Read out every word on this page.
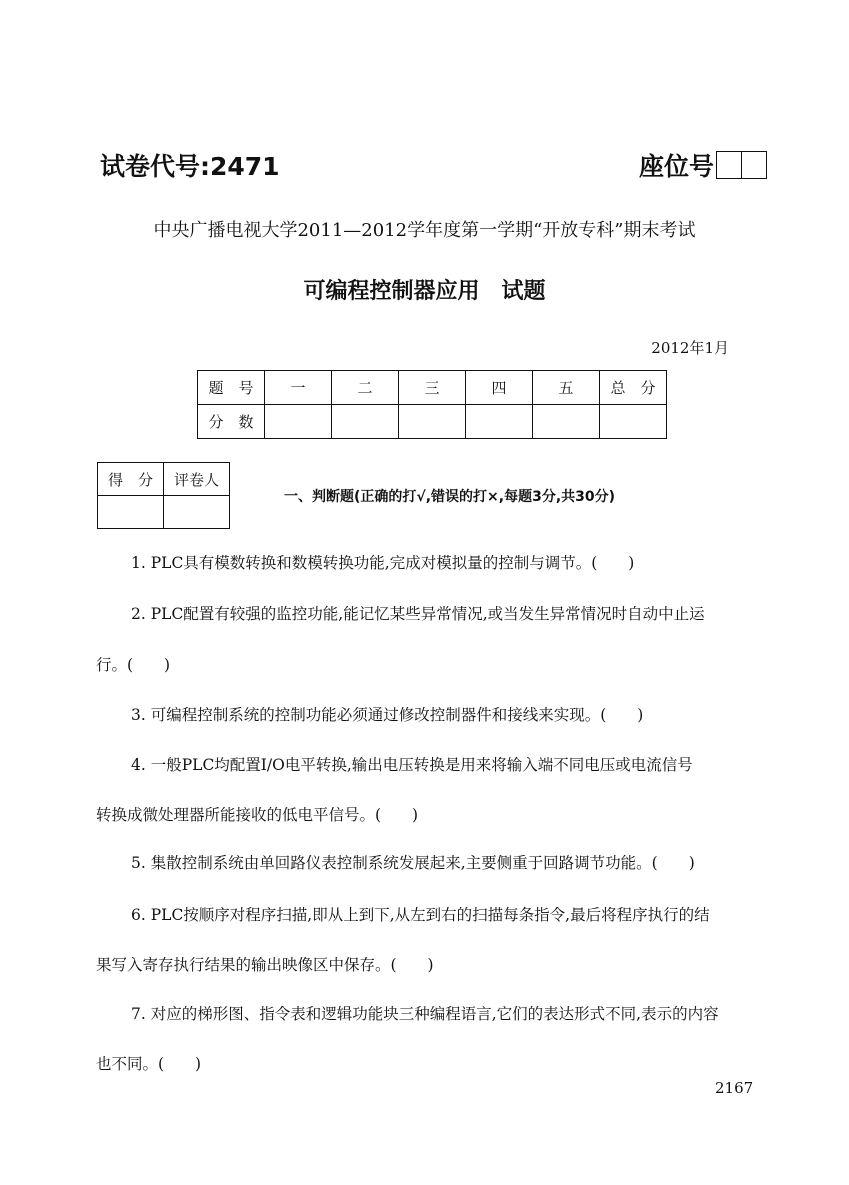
试卷代号:2471	座位号
中央广播电视大学2011—2012学年度第一学期“开放专科”期末考试
可编程控制器应用　试题
2012年1月
题　号	一	二	三	四	五	总　分
分　数						
得　分	评卷人

一、判断题(正确的打√,错误的打×,每题3分,共30分)
1. PLC具有模数转换和数模转换功能,完成对模拟量的控制与调节。(　　)
2. PLC配置有较强的监控功能,能记忆某些异常情况,或当发生异常情况时自动中止运
行。(　　)
3. 可编程控制系统的控制功能必须通过修改控制器件和接线来实现。(　　)
4. 一般PLC均配置I/O电平转换,输出电压转换是用来将输入端不同电压或电流信号
转换成微处理器所能接收的低电平信号。(　　)
5. 集散控制系统由单回路仪表控制系统发展起来,主要侧重于回路调节功能。(　　)
6. PLC按顺序对程序扫描,即从上到下,从左到右的扫描每条指令,最后将程序执行的结
果写入寄存执行结果的输出映像区中保存。(　　)
7. 对应的梯形图、指令表和逻辑功能块三种编程语言,它们的表达形式不同,表示的内容
也不同。(　　)
2167
